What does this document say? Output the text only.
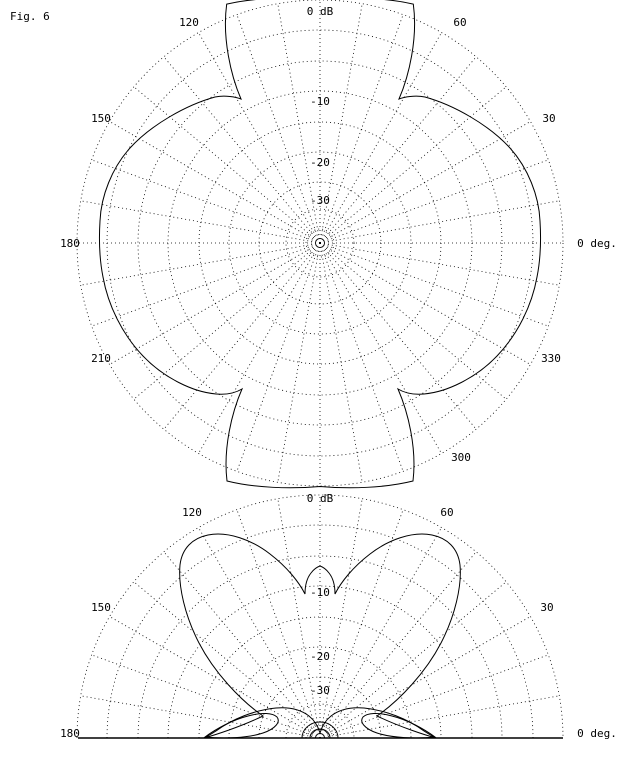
Fig. 6	0 dB
60
30
0 deg.
330
300
210
180
150
120
-10
-20
-30
0 dB
60
30
0 deg.
180
150
120
-10
-20
-30
